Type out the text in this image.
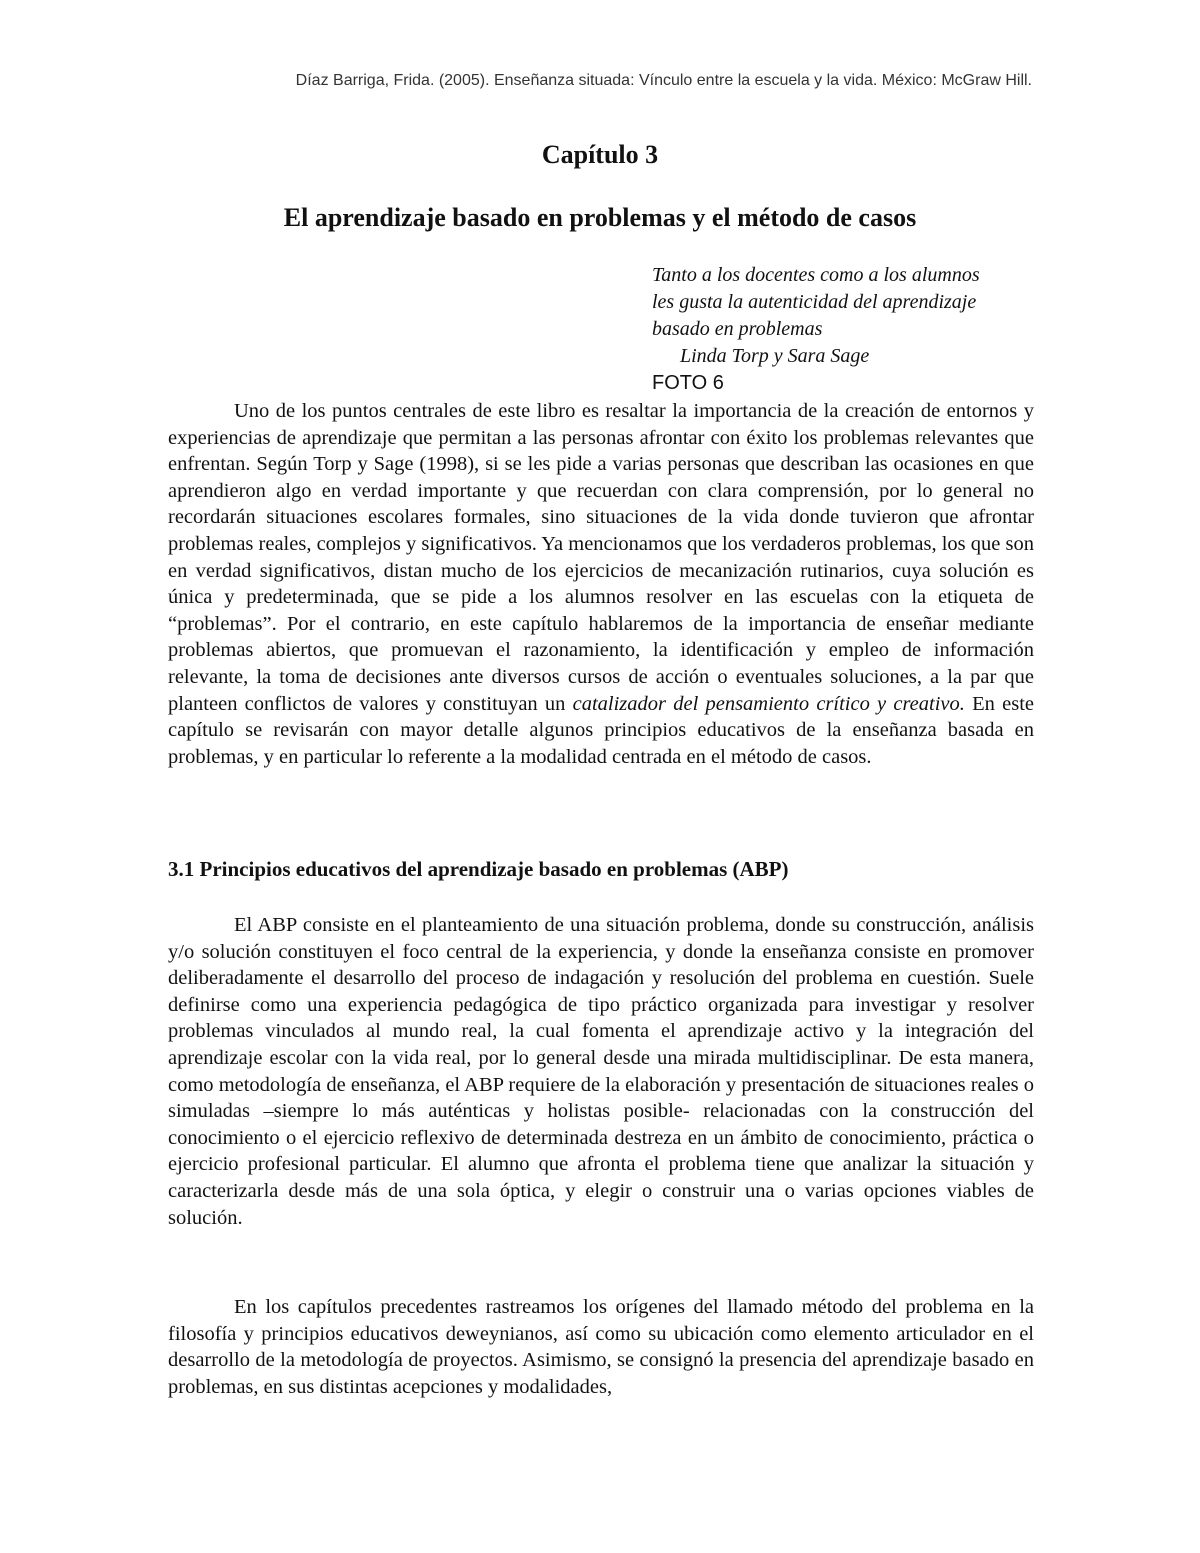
Díaz Barriga, Frida. (2005). Enseñanza situada: Vínculo entre la escuela y la vida. México: McGraw Hill.
Capítulo 3
El aprendizaje basado en problemas y el método de casos
Tanto a los docentes como a los alumnos
les gusta la autenticidad del aprendizaje
basado en problemas
Linda Torp y Sara Sage
FOTO 6

Uno de los puntos centrales de este libro es resaltar la importancia de la creación de entornos y experiencias de aprendizaje que permitan a las personas afrontar con éxito los problemas relevantes que enfrentan. Según Torp y Sage (1998), si se les pide a varias personas que describan las ocasiones en que aprendieron algo en verdad importante y que recuerdan con clara comprensión, por lo general no recordarán situaciones escolares formales, sino situaciones de la vida donde tuvieron que afrontar problemas reales, complejos y significativos. Ya mencionamos que los verdaderos problemas, los que son en verdad significativos, distan mucho de los ejercicios de mecanización rutinarios, cuya solución es única y predeterminada, que se pide a los alumnos resolver en las escuelas con la etiqueta de “problemas”. Por el contrario, en este capítulo hablaremos de la importancia de enseñar mediante problemas abiertos, que promuevan el razonamiento, la identificación y empleo de información relevante, la toma de decisiones ante diversos cursos de acción o eventuales soluciones, a la par que planteen conflictos de valores y constituyan un catalizador del pensamiento crítico y creativo. En este capítulo se revisarán con mayor detalle algunos principios educativos de la enseñanza basada en problemas, y en particular lo referente a la modalidad centrada en el método de casos.

3.1 Principios educativos del aprendizaje basado en problemas (ABP)

El ABP consiste en el planteamiento de una situación problema, donde su construcción, análisis y/o solución constituyen el foco central de la experiencia, y donde la enseñanza consiste en promover deliberadamente el desarrollo del proceso de indagación y resolución del problema en cuestión. Suele definirse como una experiencia pedagógica de tipo práctico organizada para investigar y resolver problemas vinculados al mundo real, la cual fomenta el aprendizaje activo y la integración del aprendizaje escolar con la vida real, por lo general desde una mirada multidisciplinar. De esta manera, como metodología de enseñanza, el ABP requiere de la elaboración y presentación de situaciones reales o simuladas –siempre lo más auténticas y holistas posible- relacionadas con la construcción del conocimiento o el ejercicio reflexivo de determinada destreza en un ámbito de conocimiento, práctica o ejercicio profesional particular. El alumno que afronta el problema tiene que analizar la situación y caracterizarla desde más de una sola óptica, y elegir o construir una o varias opciones viables de solución.

En los capítulos precedentes rastreamos los orígenes del llamado método del problema en la filosofía y principios educativos deweynianos, así como su ubicación como elemento articulador en el desarrollo de la metodología de proyectos. Asimismo, se consignó la presencia del aprendizaje basado en problemas, en sus distintas acepciones y modalidades,
